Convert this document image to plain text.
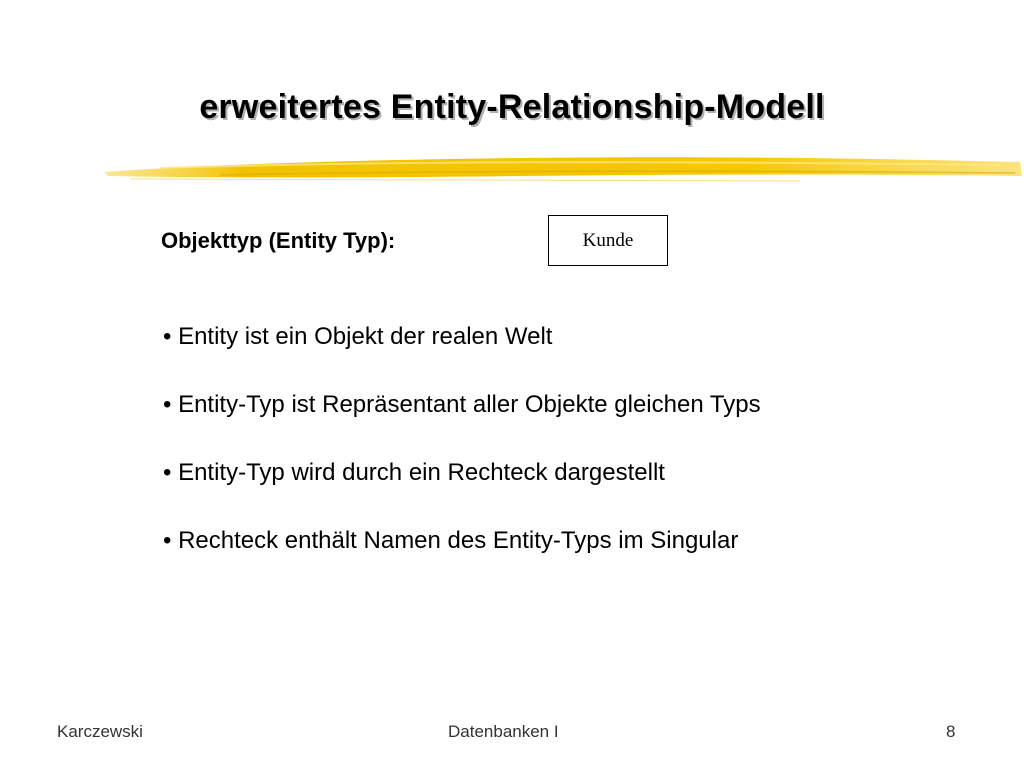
erweitertes Entity-Relationship-Modell
Objekttyp (Entity Typ):	Kunde
• Entity ist ein Objekt der realen Welt
• Entity-Typ ist Repräsentant aller Objekte gleichen Typs
• Entity-Typ wird durch ein Rechteck dargestellt
• Rechteck enthält Namen des Entity-Typs im Singular
Karczewski	Datenbanken I	8
